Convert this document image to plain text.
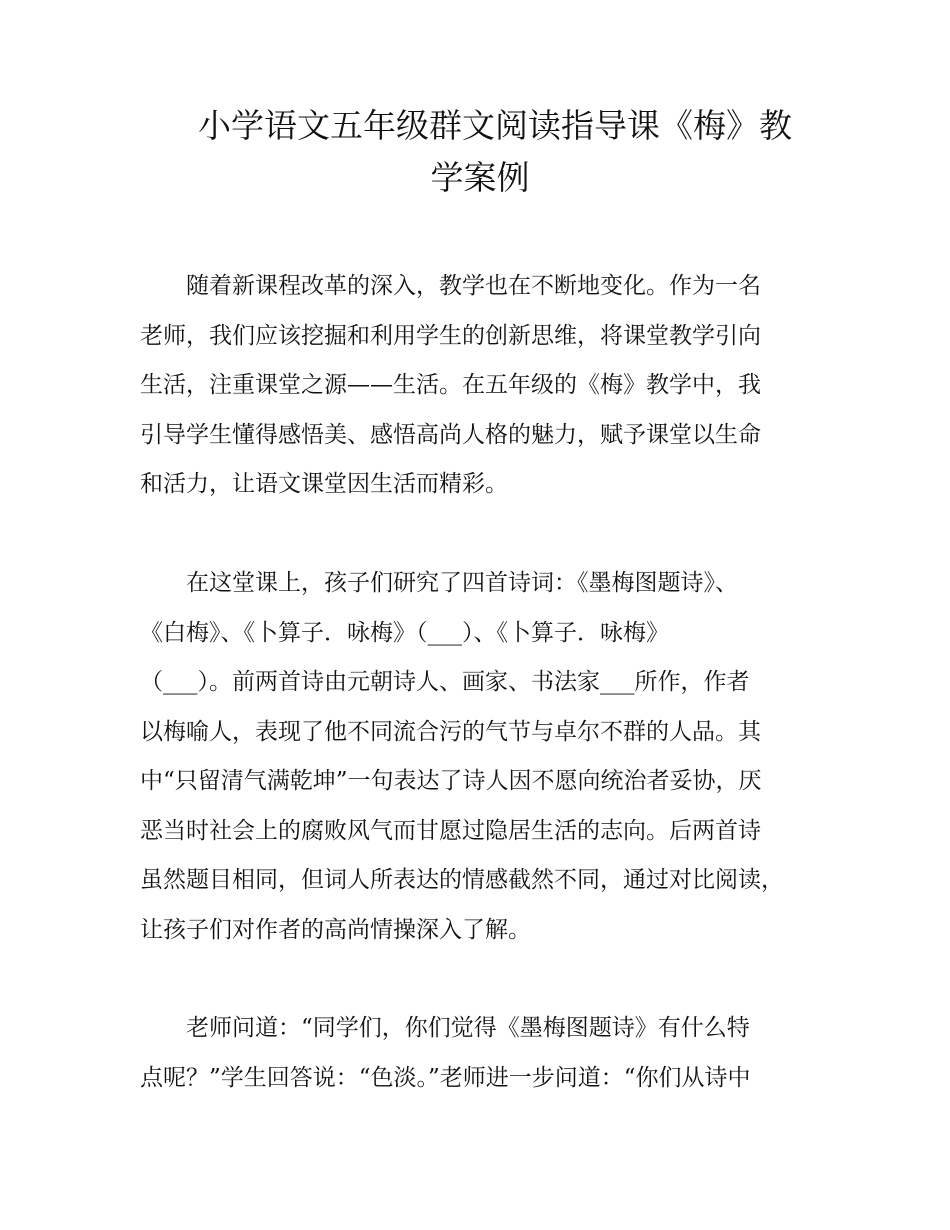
小学语文五年级群文阅读指导课《梅》教
学案例
　　随着新课程改革的深入，教学也在不断地变化。作为一名
老师，我们应该挖掘和利用学生的创新思维，将课堂教学引向
生活，注重课堂之源——生活。在五年级的《梅》教学中，我
引导学生懂得感悟美、感悟高尚人格的魅力，赋予课堂以生命
和活力，让语文课堂因生活而精彩。
　　在这堂课上，孩子们研究了四首诗词：《墨梅图题诗》、
《白梅》、《卜算子．咏梅》（___）、《卜算子．咏梅》
（___）。前两首诗由元朝诗人、画家、书法家___所作，作者
以梅喻人，表现了他不同流合污的气节与卓尔不群的人品。其
中“只留清气满乾坤”一句表达了诗人因不愿向统治者妥协，厌
恶当时社会上的腐败风气而甘愿过隐居生活的志向。后两首诗
虽然题目相同，但词人所表达的情感截然不同，通过对比阅读，
让孩子们对作者的高尚情操深入了解。
　　老师问道：“同学们，你们觉得《墨梅图题诗》有什么特
点呢？”学生回答说：“色淡。”老师进一步问道：“你们从诗中
